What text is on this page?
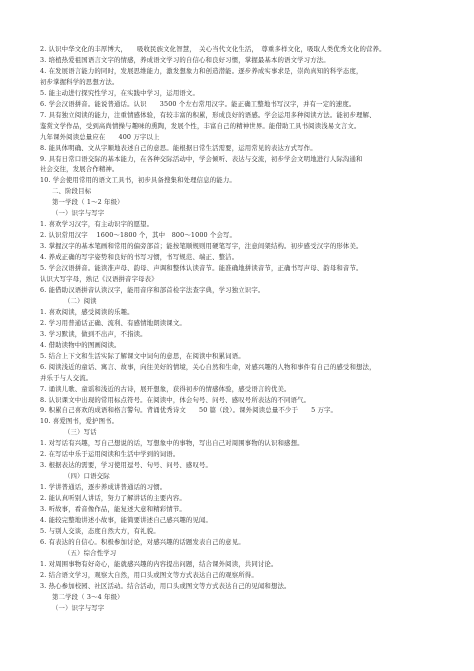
2. 认识中华文化的丰厚博大，　　吸收民族文化智慧，　关心当代文化生活，　尊重多样文化，吸取人类优秀文化的营养。
3. 培植热爱祖国语言文字的情感，养成语文学习的自信心和良好习惯，掌握最基本的语文学习方法。
4. 在发展语言能力的同时，发展思维能力，激发想象力和创造潜能。逐步养成实事求是，崇尚真知的科学态度，
初步掌握科学的思想方法。
5. 能主动进行探究性学习，在实践中学习，运用语文。
6. 学会汉语拼音。能说普通话。认识　　3500 个左右常用汉字。能正确工整地书写汉字，并有一定的速度。
7. 具有独立阅读的能力，注重情感体验，有较丰富的积累，形成良好的语感。学会运用多种阅读方法。能初步理解、
鉴赏文学作品，受到高尚情操与趣味的熏陶，发展个性，丰富自己的精神世界。能借助工具书阅读浅易文言文。
九年课外阅读总量应在　　400 万字以上
8. 能具体明确、文从字顺地表述自己的意思。能根据日常生活需要，运用常见的表达方式写作。
9. 具有日常口语交际的基本能力，在各种交际活动中，学会倾听、表达与交流，初步学会文明地进行人际沟通和
社会交往，发展合作精神。
10. 学会使用常用的语文工具书，初步具备搜集和处理信息的能力。
二、阶段目标
第一学段（ 1～2 年级）
（一）识字与写字
1. 喜欢学习汉字，有主动识字的愿望。
2. 认识常用汉字　 1600～1800 个，其中　800～1000 个会写。
3. 掌握汉字的基本笔画和常用的偏旁部首；能按笔顺规则用硬笔写字，注意间架结构。初步感受汉字的形体美。
4. 养成正确的写字姿势和良好的书写习惯，书写规范、端正、整洁。
5. 学会汉语拼音。能读准声母、韵母、声调和整体认读音节。能准确地拼读音节，正确书写声母、韵母和音节。
认识大写字母，熟记《汉语拼音字母表》
6. 能借助汉语拼音认读汉字，能用音序和部首检字法查字典，学习独立识字。
（二）阅读
1. 喜欢阅读，感受阅读的乐趣。
2. 学习用普通话正确、流利、有感情地朗读课文。
3. 学习默读，做到不出声，不指读。
4. 借助读物中的图画阅读。
5. 结合上下文和生活实际了解课文中词句的意思，在阅读中积累词语。
6. 阅读浅近的童话、寓言、故事，向往美好的情境，关心自然和生命，对感兴趣的人物和事件有自己的感受和想法，
并乐于与人交流。
7. 诵读儿歌、童谣和浅近的古诗，展开想象，获得初步的情感体验，感受语言的优美。
8. 认识课文中出现的常用标点符号。在阅读中，体会句号、问号、感叹号所表达的不同语气。
9. 积累自己喜欢的成语和格言警句。背诵优秀诗文　　50 篇（段）。课外阅读总量不少于　　5 万字。
10. 喜爱图书，爱护图书。
（三）写话
1. 对写话有兴趣，写自己想说的话，写想象中的事物，写出自己对周围事物的认识和感想。
2. 在写话中乐于运用阅读和生活中学到的词语。
3. 根据表达的需要，学习使用逗号、句号、问号、感叹号。
（四）口语交际
1. 学讲普通话，逐步养成讲普通话的习惯。
2. 能认真听别人讲话，努力了解讲话的主要内容。
3. 听故事，看音像作品，能复述大意和精彩情节。
4. 能较完整地讲述小故事，能简要讲述自己感兴趣的见闻。
5. 与别人交谈，态度自然大方，有礼貌。
6. 有表达的自信心。积极参加讨论，对感兴趣的话题发表自己的意见。
（五）综合性学习
1. 对周围事物有好奇心，能就感兴趣的内容提出问题，结合课外阅读，共同讨论。
2. 结合语文学习，观察大自然，用口头或图文等方式表达自己的观察所得。
3. 热心参加校园、社区活动。结合活动，用口头或图文等方式表达自己的见闻和想法。
第二学段（ 3～4 年级）
（一）识字与写字
